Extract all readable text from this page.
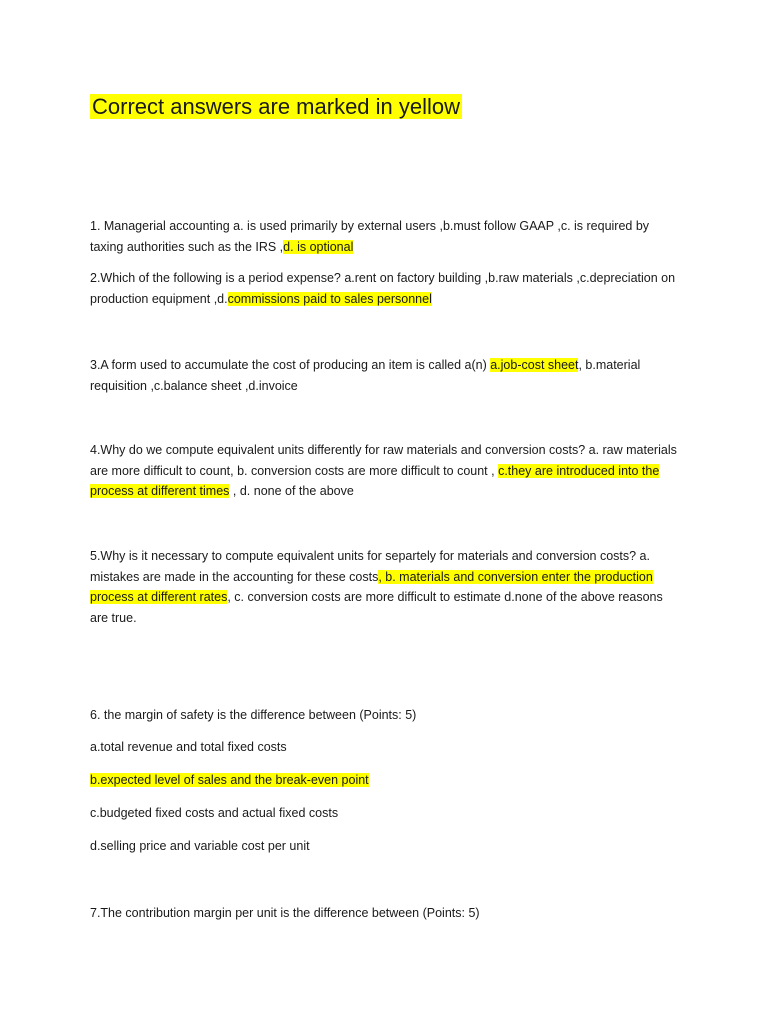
Correct answers are marked in yellow

1. Managerial accounting a. is used primarily by external users ,b.must follow GAAP ,c. is required by taxing authorities such as the IRS ,d. is optional

2.Which of the following is a period expense? a.rent on factory building ,b.raw materials ,c.depreciation on production equipment ,d.commissions paid to sales personnel

3.A form used to accumulate the cost of producing an item is called a(n) a.job-cost sheet, b.material requisition ,c.balance sheet ,d.invoice

4.Why do we compute equivalent units differently for raw materials and conversion costs? a. raw materials are more difficult to count, b. conversion costs are more difficult to count , c.they are introduced into the process at different times , d. none of the above

5.Why is it necessary to compute equivalent units for separtely for materials and conversion costs? a. mistakes are made in the accounting for these costs, b. materials and conversion enter the production process at different rates, c. conversion costs are more difficult to estimate d.none of the above reasons are true.

6. the margin of safety is the difference between (Points: 5)

a.total revenue and total fixed costs

b.expected level of sales and the break-even point

c.budgeted fixed costs and actual fixed costs

d.selling price and variable cost per unit

7.The contribution margin per unit is the difference between (Points: 5)
